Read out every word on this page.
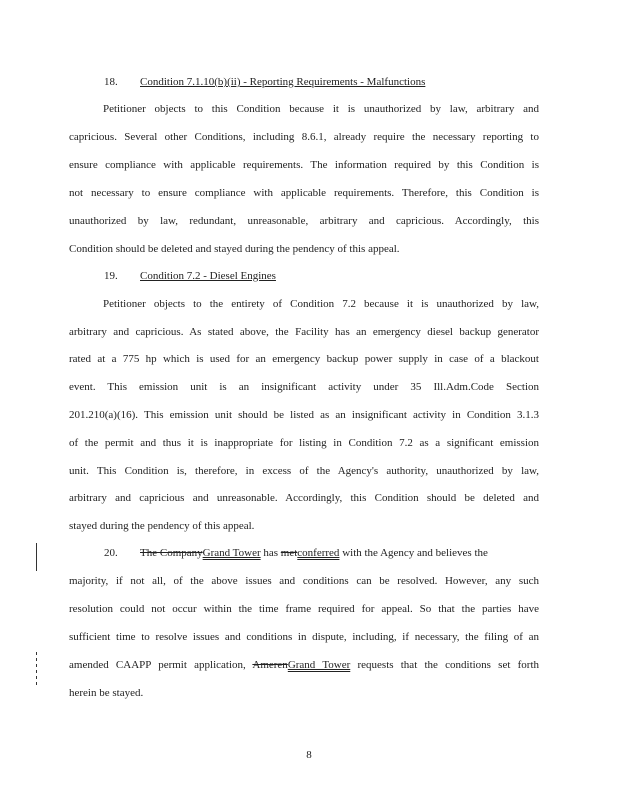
18. Condition 7.1.10(b)(ii) - Reporting Requirements - Malfunctions
Petitioner objects to this Condition because it is unauthorized by law, arbitrary and
capricious. Several other Conditions, including 8.6.1, already require the necessary reporting to
ensure compliance with applicable requirements. The information required by this Condition is
not necessary to ensure compliance with applicable requirements. Therefore, this Condition is
unauthorized by law, redundant, unreasonable, arbitrary and capricious. Accordingly, this
Condition should be deleted and stayed during the pendency of this appeal.
19. Condition 7.2 - Diesel Engines
Petitioner objects to the entirety of Condition 7.2 because it is unauthorized by law,
arbitrary and capricious. As stated above, the Facility has an emergency diesel backup generator
rated at a 775 hp which is used for an emergency backup power supply in case of a blackout
event. This emission unit is an insignificant activity under 35 Ill.Adm.Code Section
201.210(a)(16). This emission unit should be listed as an insignificant activity in Condition 3.1.3
of the permit and thus it is inappropriate for listing in Condition 7.2 as a significant emission
unit. This Condition is, therefore, in excess of the Agency's authority, unauthorized by law,
arbitrary and capricious and unreasonable. Accordingly, this Condition should be deleted and
stayed during the pendency of this appeal.
20. The CompanyGrand Tower has metconferred with the Agency and believes the
majority, if not all, of the above issues and conditions can be resolved. However, any such
resolution could not occur within the time frame required for appeal. So that the parties have
sufficient time to resolve issues and conditions in dispute, including, if necessary, the filing of an
amended CAAPP permit application, AmerenGrand Tower requests that the conditions set forth
herein be stayed.
8
